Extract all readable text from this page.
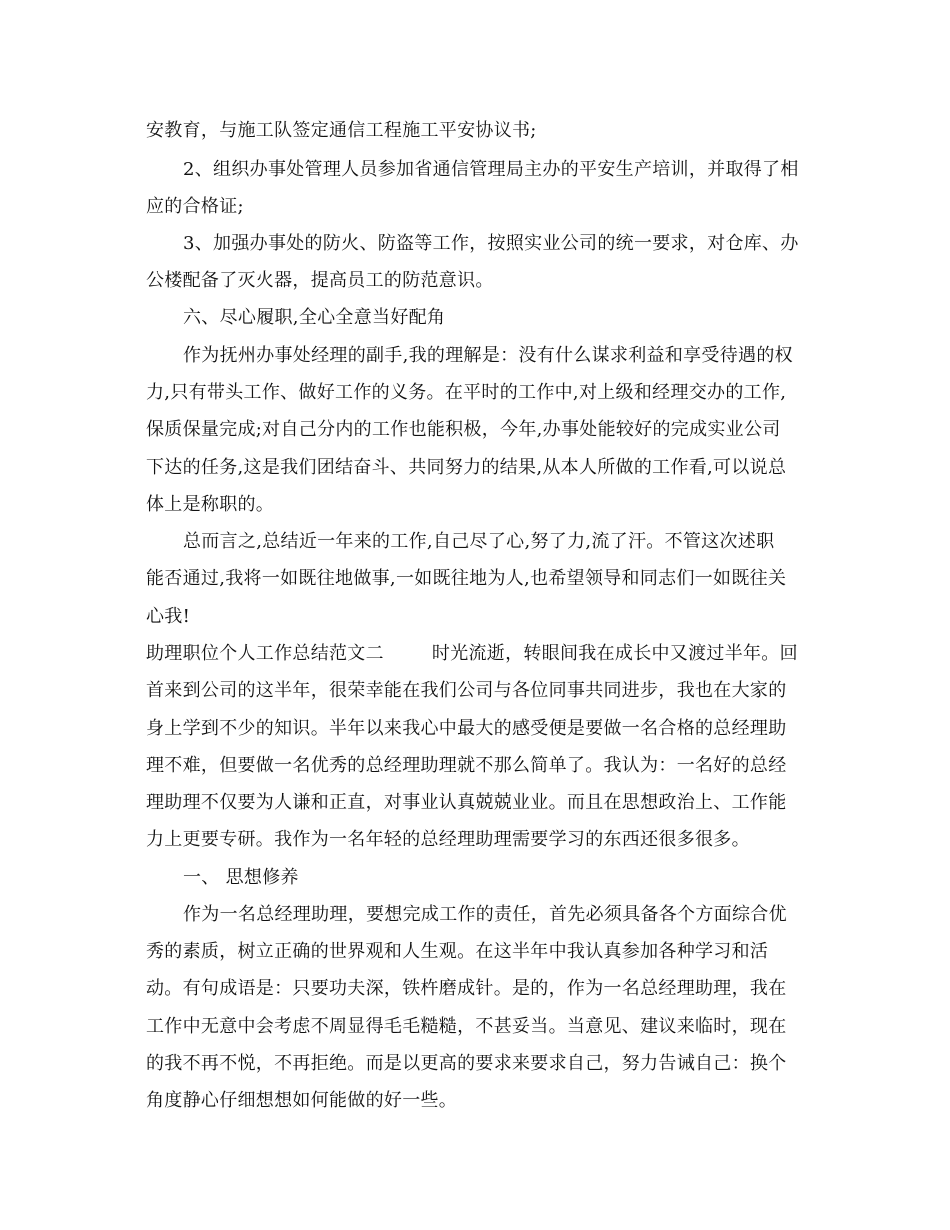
安教育，与施工队签定通信工程施工平安协议书;
2、组织办事处管理人员参加省通信管理局主办的平安生产培训，并取得了相
应的合格证;
3、加强办事处的防火、防盗等工作，按照实业公司的统一要求，对仓库、办
公楼配备了灭火器，提高员工的防范意识。
六、尽心履职,全心全意当好配角
作为抚州办事处经理的副手,我的理解是：没有什么谋求利益和享受待遇的权
力,只有带头工作、做好工作的义务。在平时的工作中,对上级和经理交办的工作,
保质保量完成;对自己分内的工作也能积极，今年,办事处能较好的完成实业公司
下达的任务,这是我们团结奋斗、共同努力的结果,从本人所做的工作看,可以说总
体上是称职的。
总而言之,总结近一年来的工作,自己尽了心,努了力,流了汗。不管这次述职
能否通过,我将一如既往地做事,一如既往地为人,也希望领导和同志们一如既往关
心我!
助理职位个人工作总结范文二	时光流逝，转眼间我在成长中又渡过半年。回
首来到公司的这半年，很荣幸能在我们公司与各位同事共同进步，我也在大家的
身上学到不少的知识。半年以来我心中最大的感受便是要做一名合格的总经理助
理不难，但要做一名优秀的总经理助理就不那么简单了。我认为：一名好的总经
理助理不仅要为人谦和正直，对事业认真兢兢业业。而且在思想政治上、工作能
力上更要专研。我作为一名年轻的总经理助理需要学习的东西还很多很多。
一、 思想修养
作为一名总经理助理，要想完成工作的责任，首先必须具备各个方面综合优
秀的素质，树立正确的世界观和人生观。在这半年中我认真参加各种学习和活
动。有句成语是：只要功夫深，铁杵磨成针。是的，作为一名总经理助理，我在
工作中无意中会考虑不周显得毛毛糙糙，不甚妥当。当意见、建议来临时，现在
的我不再不悦，不再拒绝。而是以更高的要求来要求自己，努力告诫自己：换个
角度静心仔细想想如何能做的好一些。
